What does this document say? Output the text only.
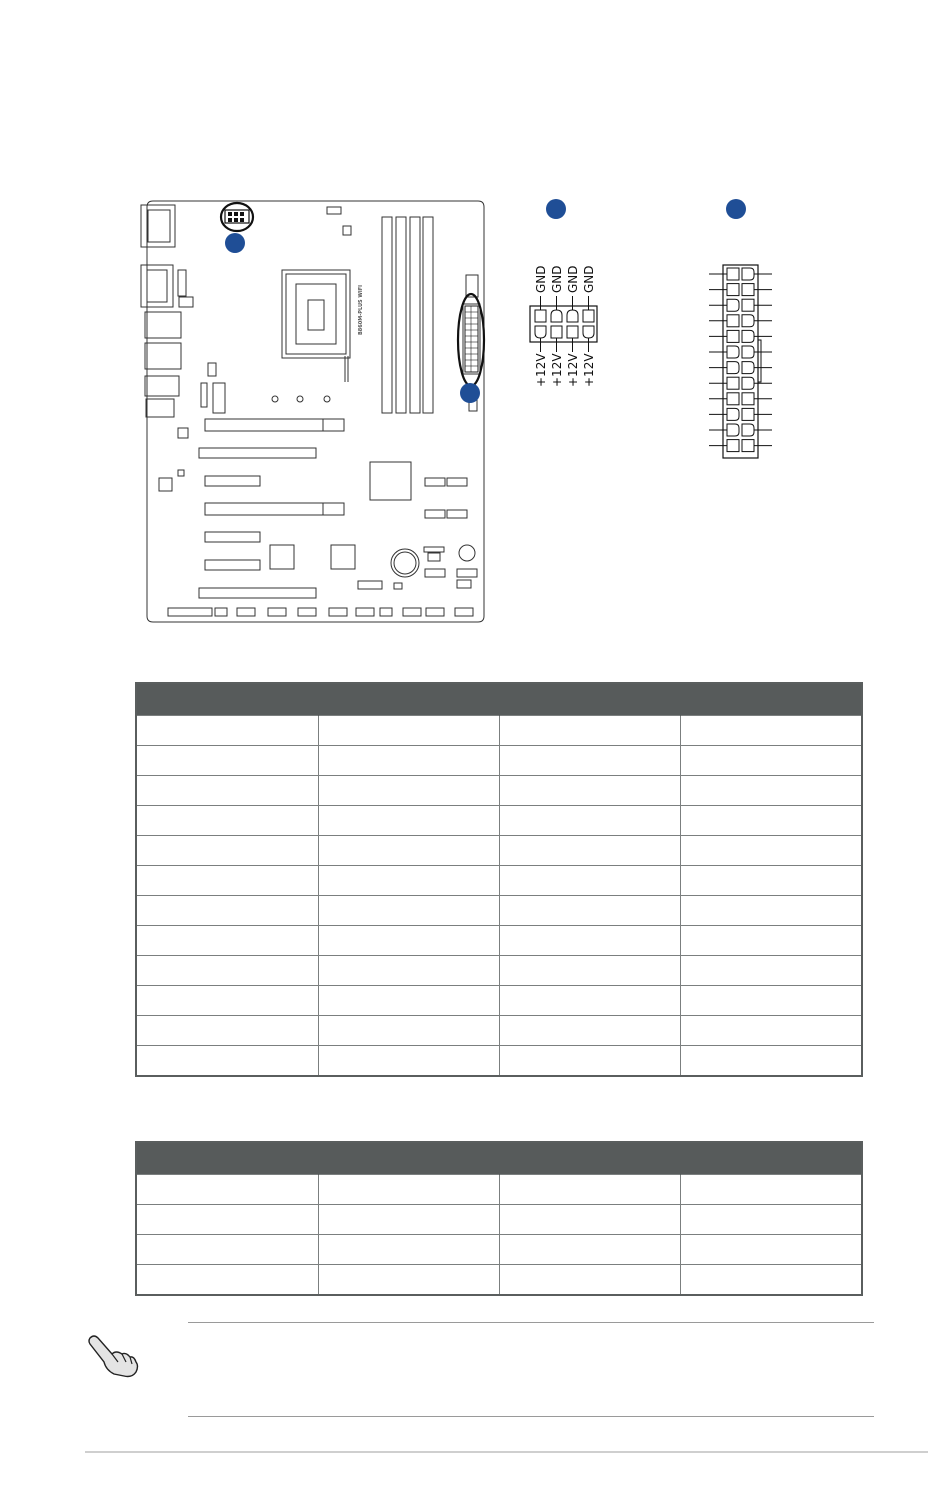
B860M-PLUS WIFI
GND GND GND GND
+12V +12V +12V +12V
